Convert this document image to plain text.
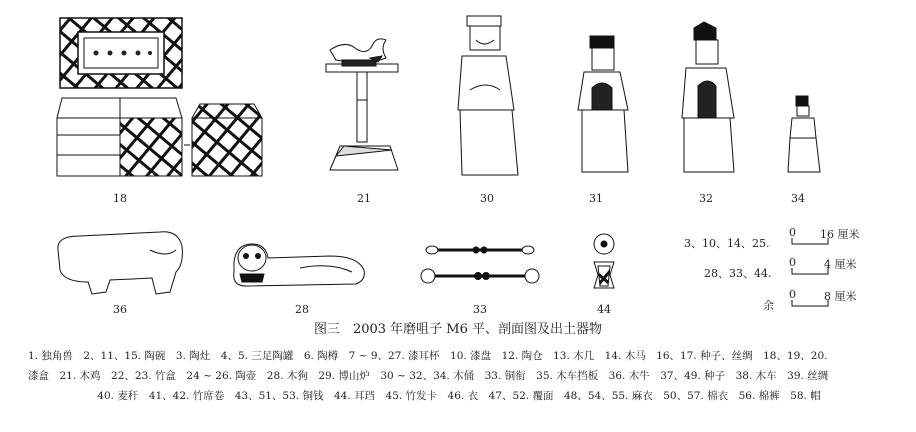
18	21	30	31	32	34
36	28	33	44
3、10、14、25.
0 16 厘米
28、33、44.
0	4 厘米
余
0	8 厘米
图三　2003 年磨咀子 M6 平、剖面图及出土器物
1. 独角兽　2、11、15. 陶碗　3. 陶灶　4、5. 三足陶罐　6. 陶樽　7 ~ 9、27. 漆耳杯　10. 漆盘　12. 陶仓　13. 木几　14. 木马　16、17. 种子、丝绸　18、19、20.
漆盒　21. 木鸡　22、23. 竹盒　24 ~ 26. 陶壶　28. 木狗　29. 博山炉　30 ~ 32、34. 木俑　33. 铜衔　35. 木车挡板　36. 木牛　37、49. 种子　38. 木车　39. 丝绸
40. 麦秆　41、42. 竹席卷　43、51、53. 铜钱　44. 耳珰　45. 竹发卡　46. 衣　47、52. 覆面　48、54、55. 麻衣　50、57. 棉衣　56. 棉裤　58. 帽
